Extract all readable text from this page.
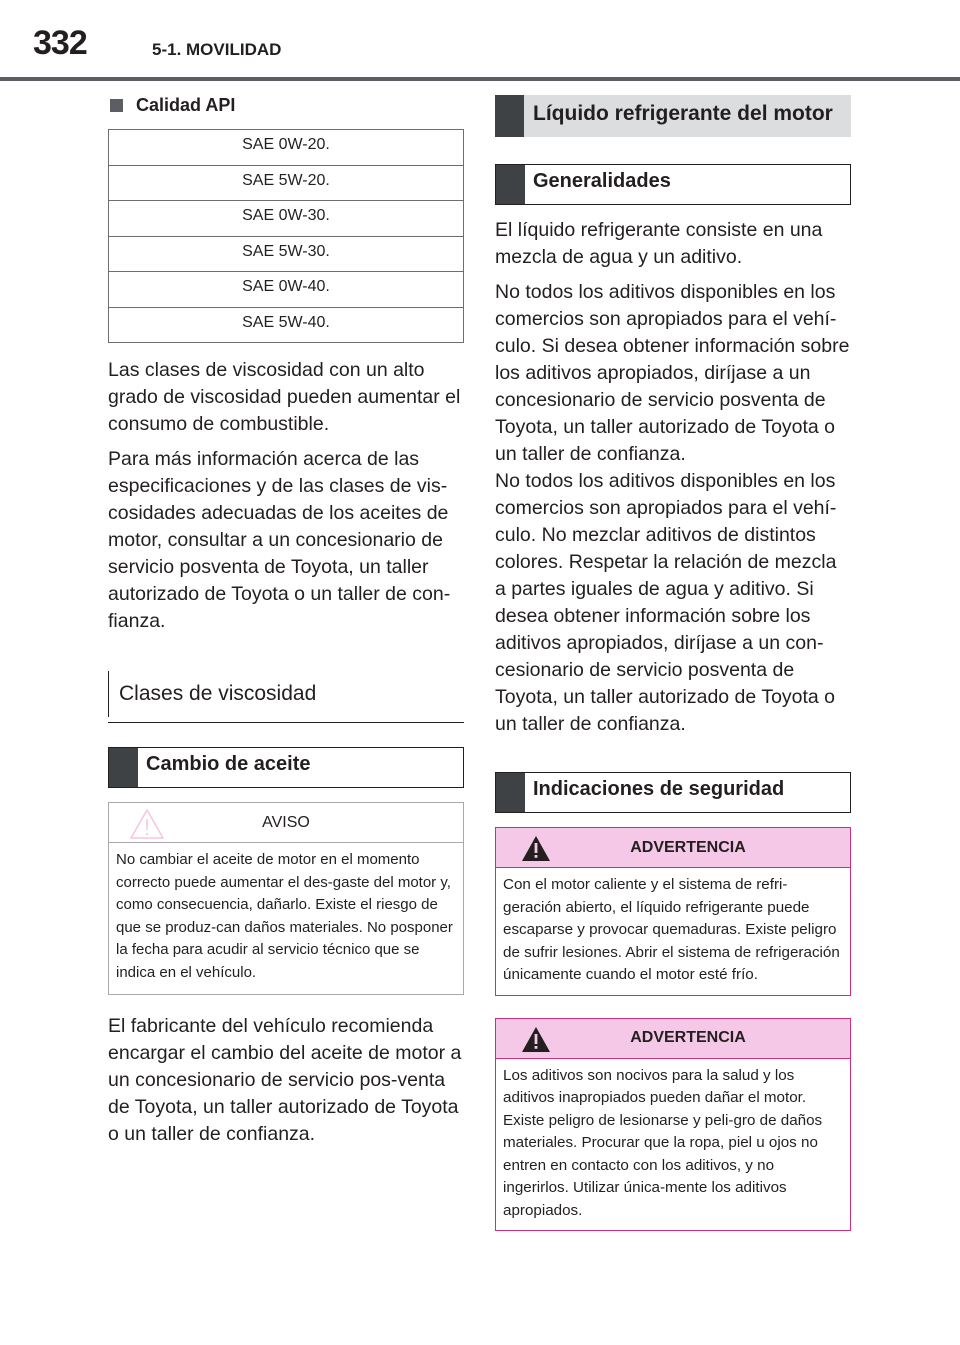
332	5-1. MOVILIDAD
Calidad API
SAE 0W-20.
SAE 5W-20.
SAE 0W-30.
SAE 5W-30.
SAE 0W-40.
SAE 5W-40.

Las clases de viscosidad con un alto grado de viscosidad pueden aumentar el consumo de combustible.

Para más información acerca de las especificaciones y de las clases de vis-cosidades adecuadas de los aceites de motor, consultar a un concesionario de servicio posventa de Toyota, un taller autorizado de Toyota o un taller de con-fianza.

Clases de viscosidad
Cambio de aceite
AVISO
No cambiar el aceite de motor en el momento correcto puede aumentar el des-gaste del motor y, como consecuencia, dañarlo. Existe el riesgo de que se produz-can daños materiales. No posponer la fecha para acudir al servicio técnico que se indica en el vehículo.

El fabricante del vehículo recomienda encargar el cambio del aceite de motor a un concesionario de servicio pos-venta de Toyota, un taller autorizado de Toyota o un taller de confianza.

Líquido refrigerante del motor
Generalidades

El líquido refrigerante consiste en una mezcla de agua y un aditivo.

No todos los aditivos disponibles en los comercios son apropiados para el vehí-culo. Si desea obtener información sobre los aditivos apropiados, diríjase a un concesionario de servicio posventa de Toyota, un taller autorizado de Toyota o un taller de confianza.

No todos los aditivos disponibles en los comercios son apropiados para el vehí-culo. No mezclar aditivos de distintos colores. Respetar la relación de mezcla a partes iguales de agua y aditivo. Si desea obtener información sobre los aditivos apropiados, diríjase a un con-cesionario de servicio posventa de Toyota, un taller autorizado de Toyota o un taller de confianza.

Indicaciones de seguridad
ADVERTENCIA
Con el motor caliente y el sistema de refri-geración abierto, el líquido refrigerante puede escaparse y provocar quemaduras. Existe peligro de sufrir lesiones. Abrir el sistema de refrigeración únicamente cuando el motor esté frío.
ADVERTENCIA
Los aditivos son nocivos para la salud y los aditivos inapropiados pueden dañar el motor. Existe peligro de lesionarse y peli-gro de daños materiales. Procurar que la ropa, piel u ojos no entren en contacto con los aditivos, y no ingerirlos. Utilizar única-mente los aditivos apropiados.
